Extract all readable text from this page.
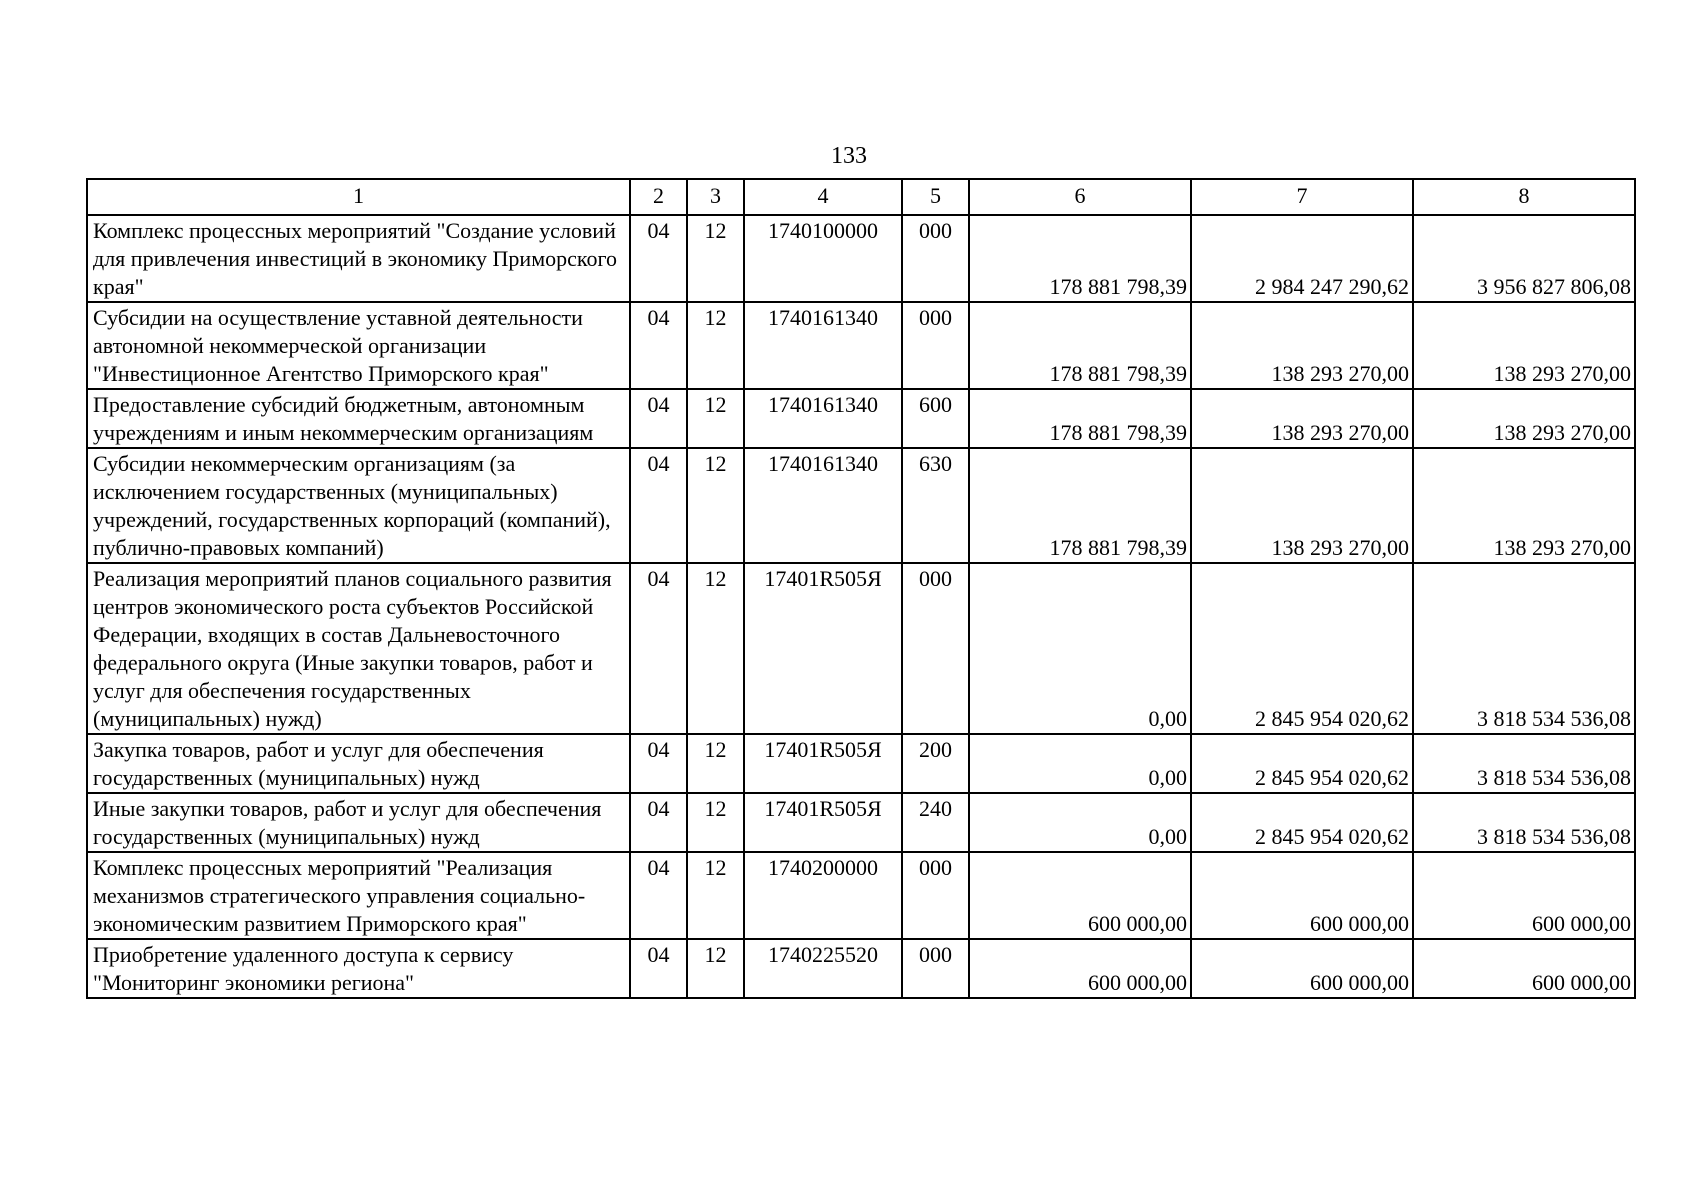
133
1	2	3	4	5	6	7	8
Комплекс процессных мероприятий "Создание условий для привлечения инвестиций в экономику Приморского края"	04	12	1740100000	000	178 881 798,39	2 984 247 290,62	3 956 827 806,08
Субсидии на осуществление уставной деятельности автономной некоммерческой организации "Инвестиционное Агентство Приморского края"	04	12	1740161340	000	178 881 798,39	138 293 270,00	138 293 270,00
Предоставление субсидий бюджетным, автономным учреждениям и иным некоммерческим организациям	04	12	1740161340	600	178 881 798,39	138 293 270,00	138 293 270,00
Субсидии некоммерческим организациям (за исключением государственных (муниципальных) учреждений, государственных корпораций (компаний), публично-правовых компаний)	04	12	1740161340	630	178 881 798,39	138 293 270,00	138 293 270,00
Реализация мероприятий планов социального развития центров экономического роста субъектов Российской Федерации, входящих в состав Дальневосточного федерального округа (Иные закупки товаров, работ и услуг для обеспечения государственных (муниципальных) нужд)	04	12	17401R505Я	000	0,00	2 845 954 020,62	3 818 534 536,08
Закупка товаров, работ и услуг для обеспечения государственных (муниципальных) нужд	04	12	17401R505Я	200	0,00	2 845 954 020,62	3 818 534 536,08
Иные закупки товаров, работ и услуг для обеспечения государственных (муниципальных) нужд	04	12	17401R505Я	240	0,00	2 845 954 020,62	3 818 534 536,08
Комплекс процессных мероприятий "Реализация механизмов стратегического управления социально-экономическим развитием Приморского края"	04	12	1740200000	000	600 000,00	600 000,00	600 000,00
Приобретение удаленного доступа к сервису "Мониторинг экономики региона"	04	12	1740225520	000	600 000,00	600 000,00	600 000,00
